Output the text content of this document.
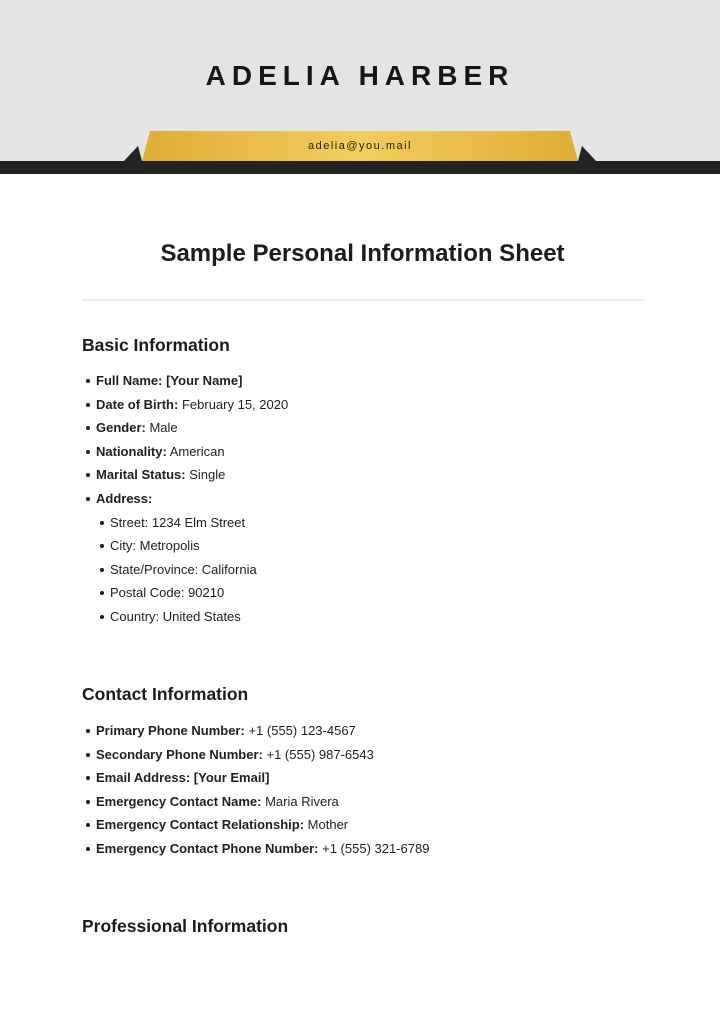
ADELIA HARBER
adelia@you.mail
Sample Personal Information Sheet
Basic Information
Full Name: [Your Name]
Date of Birth: February 15, 2020
Gender: Male
Nationality: American
Marital Status: Single
Address:
Street: 1234 Elm Street
City: Metropolis
State/Province: California
Postal Code: 90210
Country: United States
Contact Information
Primary Phone Number: +1 (555) 123-4567
Secondary Phone Number: +1 (555) 987-6543
Email Address: [Your Email]
Emergency Contact Name: Maria Rivera
Emergency Contact Relationship: Mother
Emergency Contact Phone Number: +1 (555) 321-6789
Professional Information
